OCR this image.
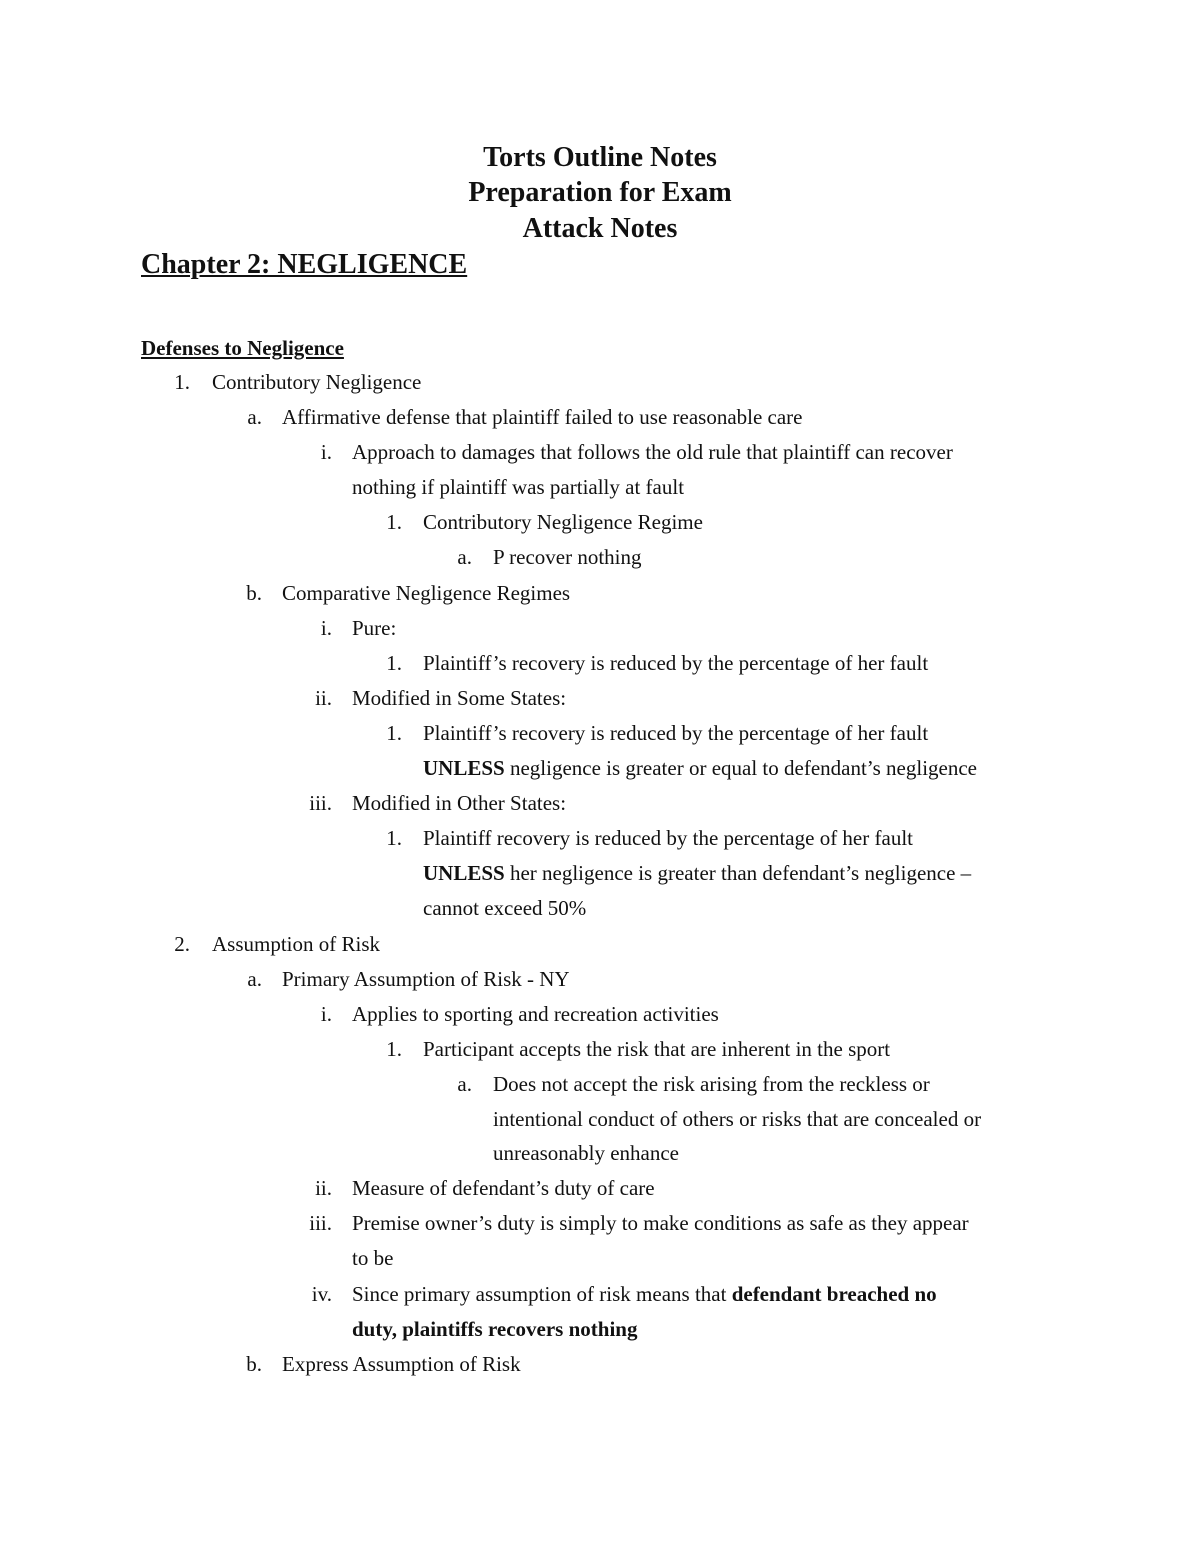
Torts Outline Notes
Preparation for Exam
Attack Notes
Chapter 2: NEGLIGENCE
Defenses to Negligence
1. Contributory Negligence
a. Affirmative defense that plaintiff failed to use reasonable care
i. Approach to damages that follows the old rule that plaintiff can recover
nothing if plaintiff was partially at fault
1. Contributory Negligence Regime
a. P recover nothing
b. Comparative Negligence Regimes
i. Pure:
1. Plaintiff’s recovery is reduced by the percentage of her fault
ii. Modified in Some States:
1. Plaintiff’s recovery is reduced by the percentage of her fault
UNLESS negligence is greater or equal to defendant’s negligence
iii. Modified in Other States:
1. Plaintiff recovery is reduced by the percentage of her fault
UNLESS her negligence is greater than defendant’s negligence –
cannot exceed 50%
2. Assumption of Risk
a. Primary Assumption of Risk - NY
i. Applies to sporting and recreation activities
1. Participant accepts the risk that are inherent in the sport
a. Does not accept the risk arising from the reckless or
intentional conduct of others or risks that are concealed or
unreasonably enhance
ii. Measure of defendant’s duty of care
iii. Premise owner’s duty is simply to make conditions as safe as they appear
to be
iv. Since primary assumption of risk means that defendant breached no
duty, plaintiffs recovers nothing
b. Express Assumption of Risk
